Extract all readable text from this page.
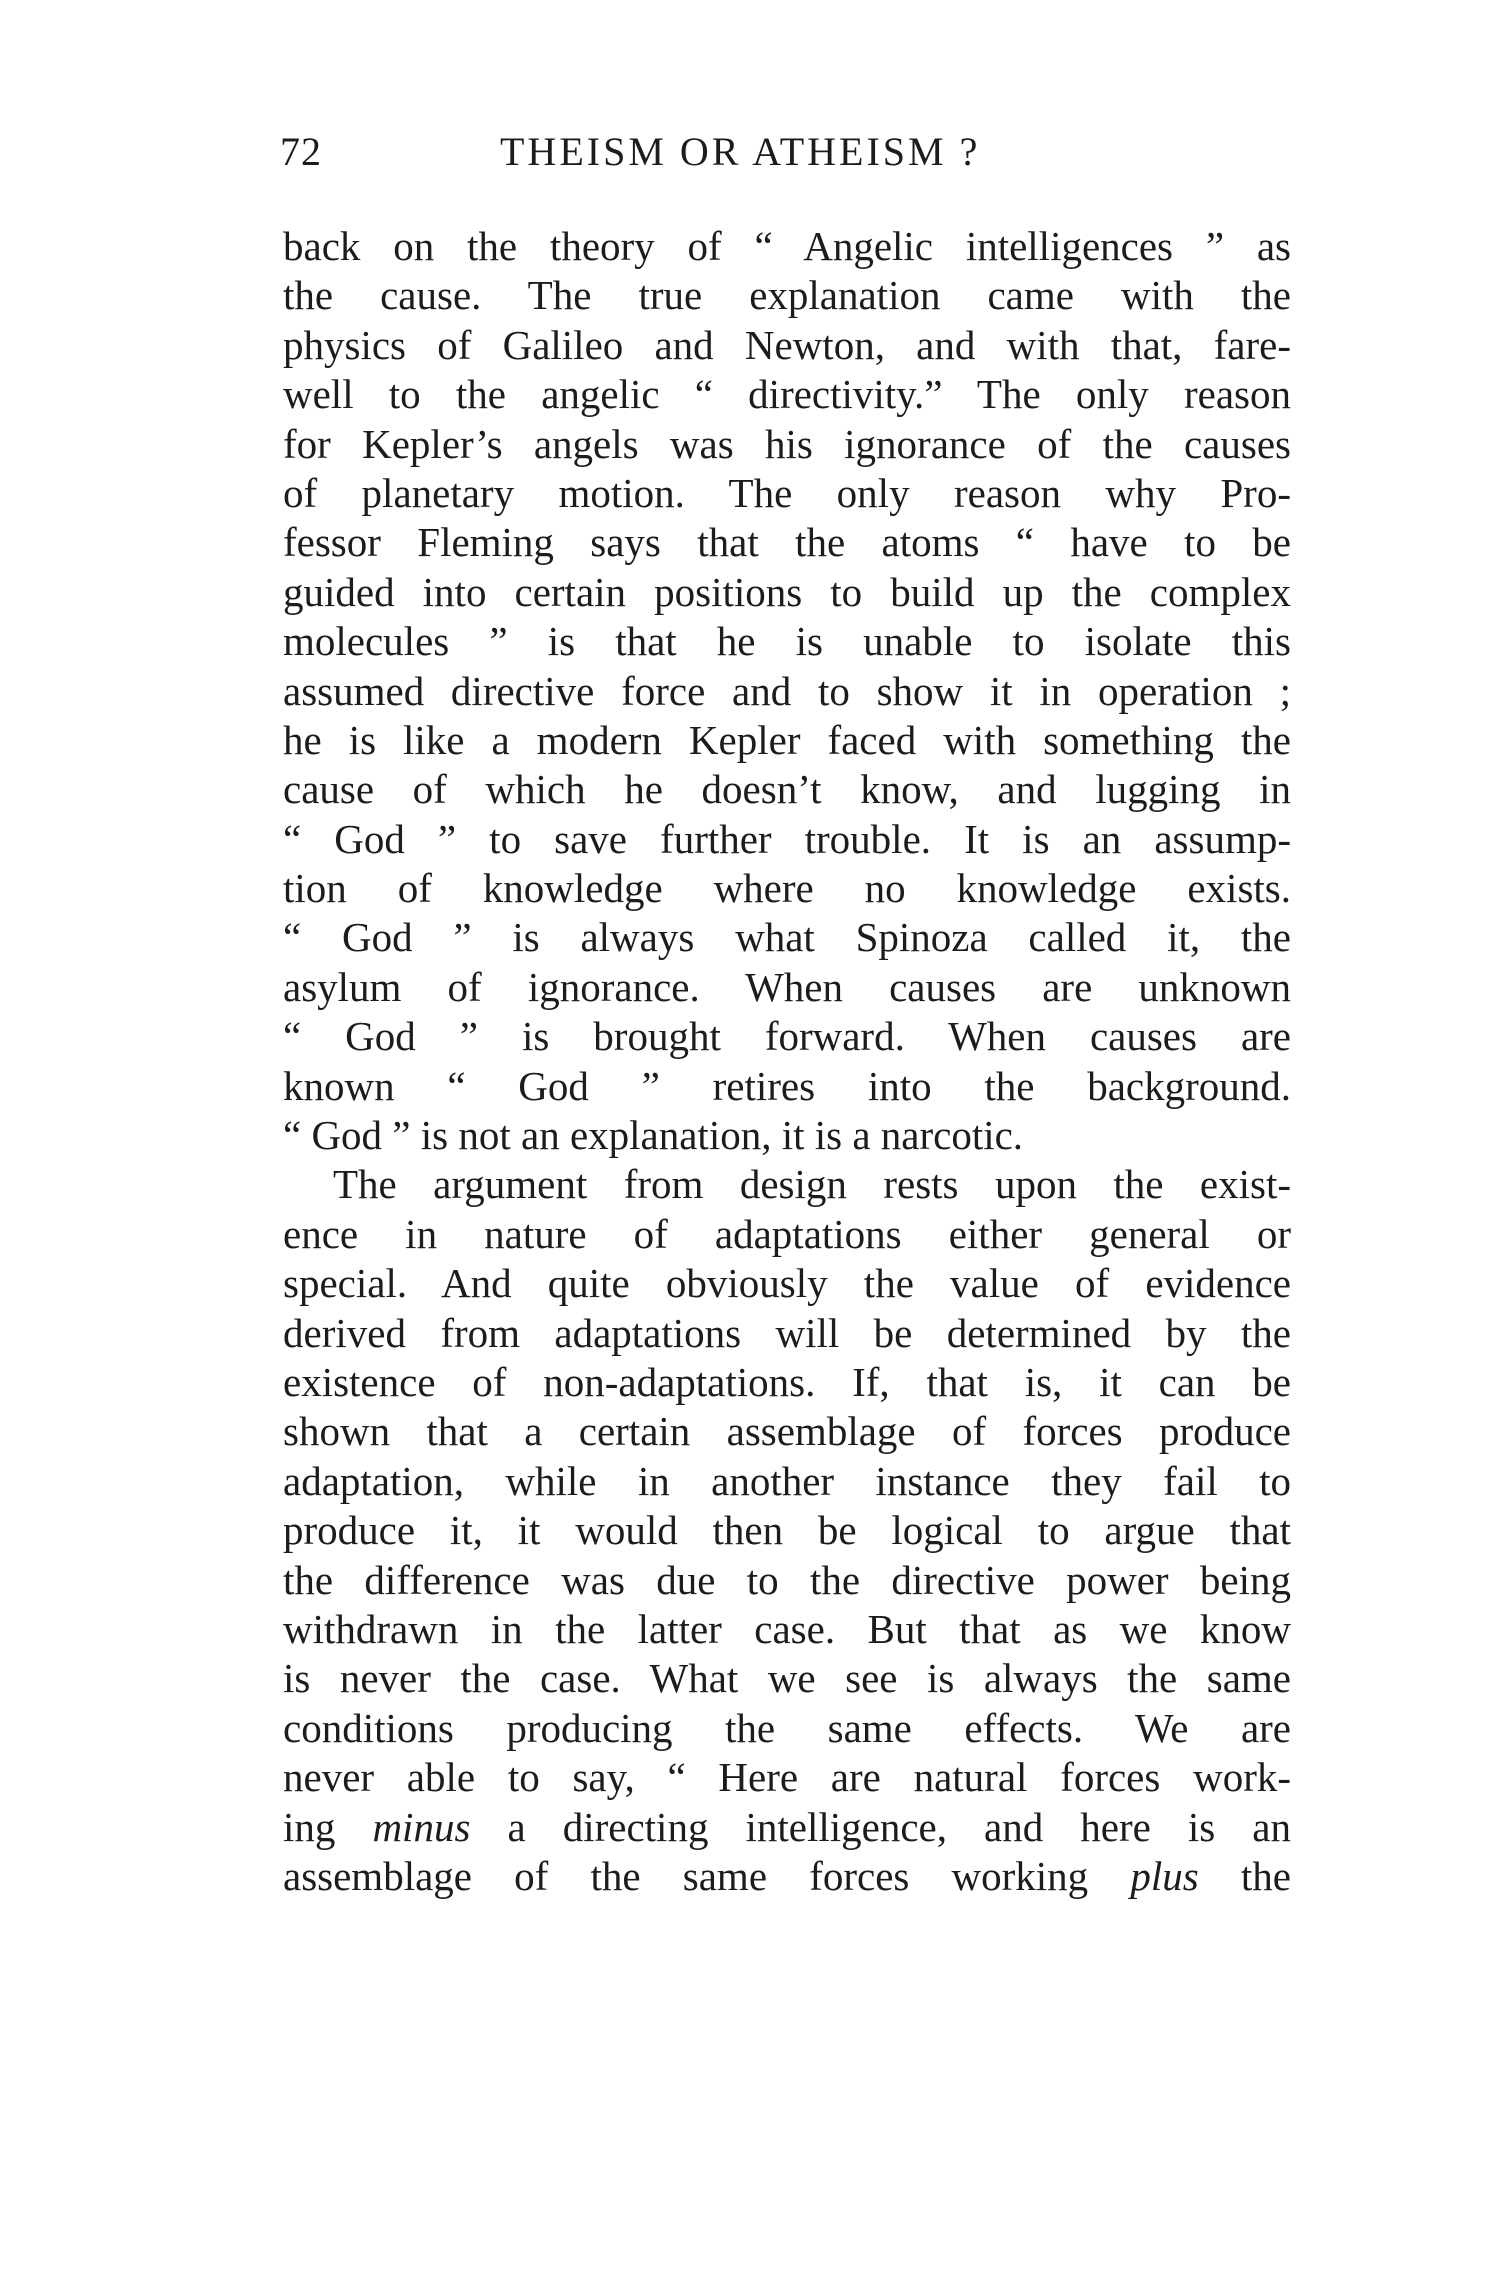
72	THEISM OR ATHEISM ?
back on the theory of “ Angelic intelligences ” as
the cause. The true explanation came with the
physics of Galileo and Newton, and with that, fare-
well to the angelic “ directivity.” The only reason
for Kepler’s angels was his ignorance of the causes
of planetary motion. The only reason why Pro-
fessor Fleming says that the atoms “ have to be
guided into certain positions to build up the complex
molecules ” is that he is unable to isolate this
assumed directive force and to show it in operation ;
he is like a modern Kepler faced with something the
cause of which he doesn’t know, and lugging in
“ God ” to save further trouble. It is an assump-
tion of knowledge where no knowledge exists.
“ God ” is always what Spinoza called it, the
asylum of ignorance. When causes are unknown
“ God ” is brought forward. When causes are
known “ God ” retires into the background.
“ God ” is not an explanation, it is a narcotic.
The argument from design rests upon the exist-
ence in nature of adaptations either general or
special. And quite obviously the value of evidence
derived from adaptations will be determined by the
existence of non-adaptations. If, that is, it can be
shown that a certain assemblage of forces produce
adaptation, while in another instance they fail to
produce it, it would then be logical to argue that
the difference was due to the directive power being
withdrawn in the latter case. But that as we know
is never the case. What we see is always the same
conditions producing the same effects. We are
never able to say, “ Here are natural forces work-
ing minus a directing intelligence, and here is an
assemblage of the same forces working plus the
